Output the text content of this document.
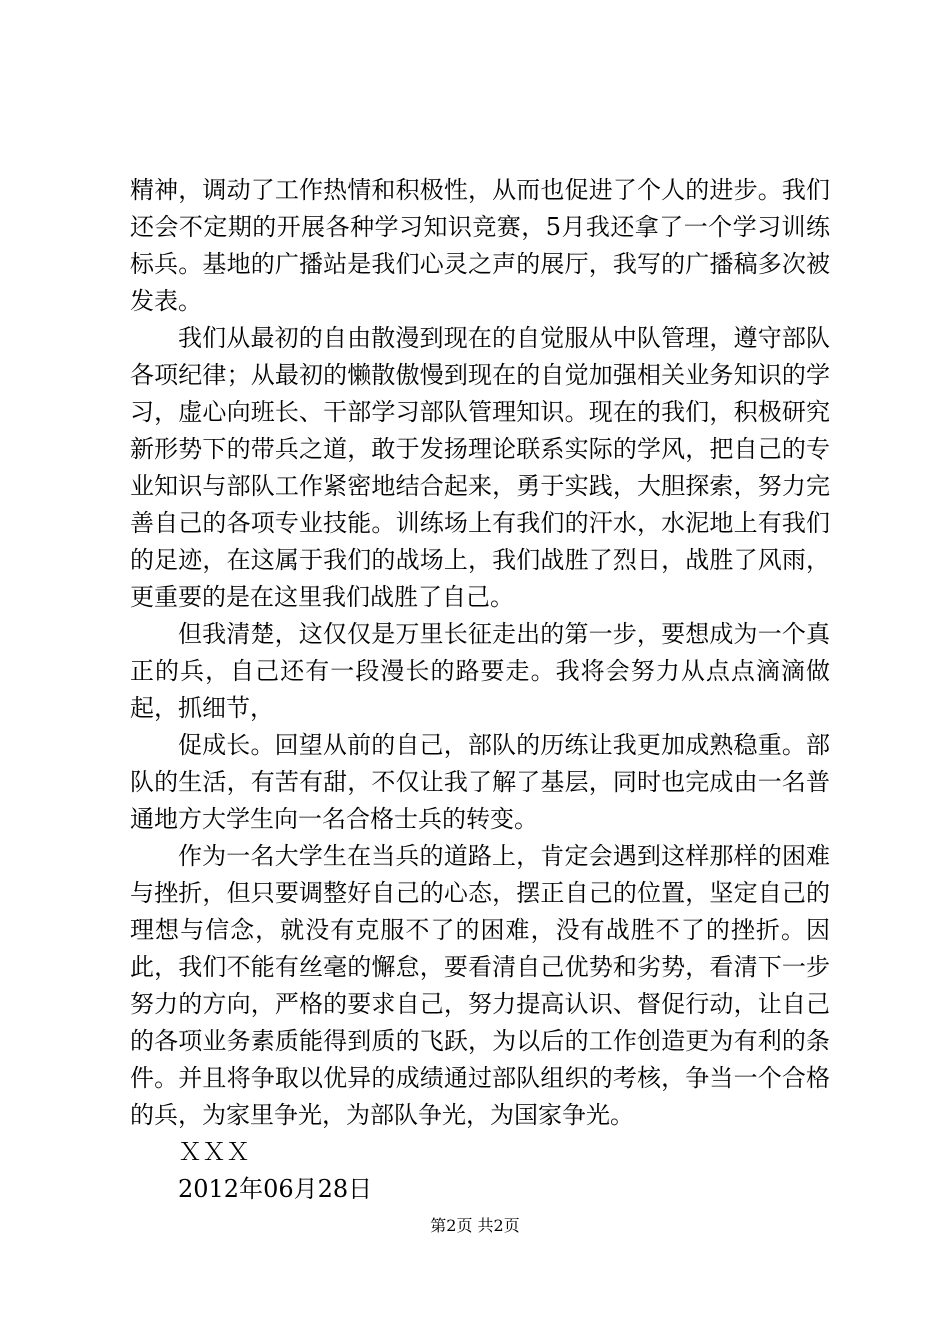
精神，调动了工作热情和积极性，从而也促进了个人的进步。我们还会不定期的开展各种学习知识竞赛，5月我还拿了一个学习训练标兵。基地的广播站是我们心灵之声的展厅，我写的广播稿多次被发表。

我们从最初的自由散漫到现在的自觉服从中队管理，遵守部队各项纪律；从最初的懒散傲慢到现在的自觉加强相关业务知识的学习，虚心向班长、干部学习部队管理知识。现在的我们，积极研究新形势下的带兵之道，敢于发扬理论联系实际的学风，把自己的专业知识与部队工作紧密地结合起来，勇于实践，大胆探索，努力完善自己的各项专业技能。训练场上有我们的汗水，水泥地上有我们的足迹，在这属于我们的战场上，我们战胜了烈日，战胜了风雨，更重要的是在这里我们战胜了自己。

但我清楚，这仅仅是万里长征走出的第一步，要想成为一个真正的兵，自己还有一段漫长的路要走。我将会努力从点点滴滴做起，抓细节，

促成长。回望从前的自己，部队的历练让我更加成熟稳重。部队的生活，有苦有甜，不仅让我了解了基层，同时也完成由一名普通地方大学生向一名合格士兵的转变。

作为一名大学生在当兵的道路上，肯定会遇到这样那样的困难与挫折，但只要调整好自己的心态，摆正自己的位置，坚定自己的理想与信念，就没有克服不了的困难，没有战胜不了的挫折。因此，我们不能有丝毫的懈怠，要看清自己优势和劣势，看清下一步努力的方向，严格的要求自己，努力提高认识、督促行动，让自己的各项业务素质能得到质的飞跃，为以后的工作创造更为有利的条件。并且将争取以优异的成绩通过部队组织的考核，争当一个合格的兵，为家里争光，为部队争光，为国家争光。

ＸＸＸ

2012年06月28日

第2页 共2页
